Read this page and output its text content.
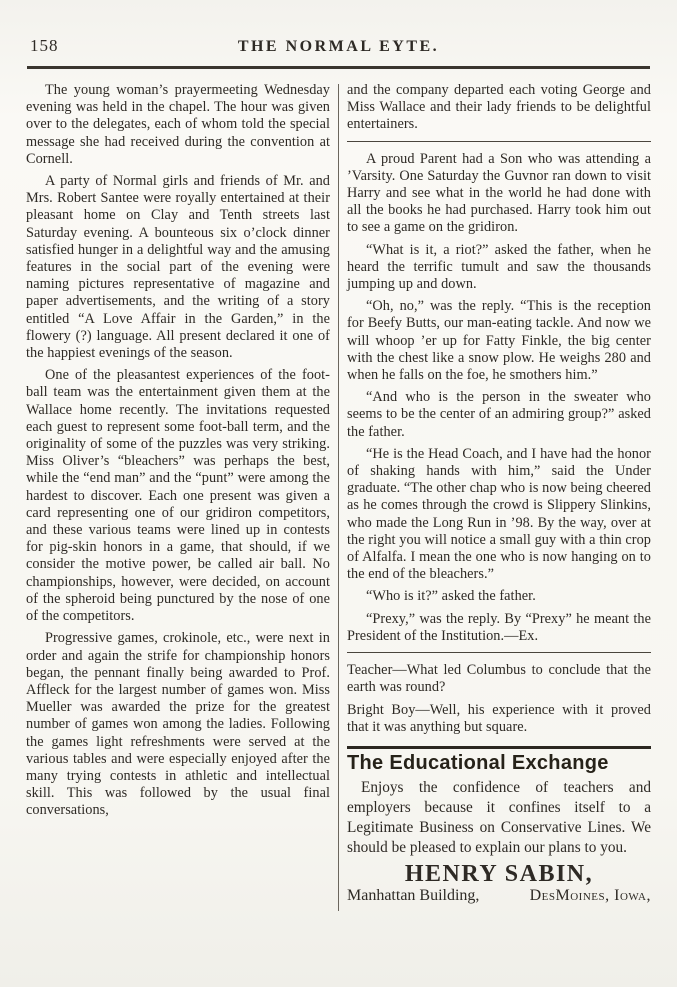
158	THE NORMAL EYTE.

The young woman’s prayermeeting Wednesday evening was held in the chapel. The hour was given over to the delegates, each of whom told the special message she had received during the convention at Cornell.

A party of Normal girls and friends of Mr. and Mrs. Robert Santee were royally entertained at their pleasant home on Clay and Tenth streets last Saturday evening. A bounteous six o’clock dinner satisfied hunger in a delightful way and the amusing features in the social part of the evening were naming pictures representative of magazine and paper advertisements, and the writing of a story entitled “A Love Affair in the Garden,” in the flowery (?) language. All present declared it one of the happiest evenings of the season.

One of the pleasantest experiences of the foot-ball team was the entertainment given them at the Wallace home recently. The invitations requested each guest to represent some foot-ball term, and the originality of some of the puzzles was very striking. Miss Oliver’s “bleachers” was perhaps the best, while the “end man” and the “punt” were among the hardest to discover. Each one present was given a card representing one of our gridiron competitors, and these various teams were lined up in contests for pig-skin honors in a game, that should, if we consider the motive power, be called air ball. No championships, however, were decided, on account of the spheroid being punctured by the nose of one of the competitors.

Progressive games, crokinole, etc., were next in order and again the strife for championship honors began, the pennant finally being awarded to Prof. Affleck for the largest number of games won. Miss Mueller was awarded the prize for the greatest number of games won among the ladies. Following the games light refreshments were served at the various tables and were especially enjoyed after the many trying contests in athletic and intellectual skill. This was followed by the usual final conversations,

and the company departed each voting George and Miss Wallace and their lady friends to be delightful entertainers.

A proud Parent had a Son who was attending a ’Varsity. One Saturday the Guvnor ran down to visit Harry and see what in the world he had done with all the books he had purchased. Harry took him out to see a game on the gridiron.

“What is it, a riot?” asked the father, when he heard the terrific tumult and saw the thousands jumping up and down.

“Oh, no,” was the reply. “This is the reception for Beefy Butts, our man-eating tackle. And now we will whoop ’er up for Fatty Finkle, the big center with the chest like a snow plow. He weighs 280 and when he falls on the foe, he smothers him.”

“And who is the person in the sweater who seems to be the center of an admiring group?” asked the father.

“He is the Head Coach, and I have had the honor of shaking hands with him,” said the Under graduate. “The other chap who is now being cheered as he comes through the crowd is Slippery Slinkins, who made the Long Run in ’98. By the way, over at the right you will notice a small guy with a thin crop of Alfalfa. I mean the one who is now hanging on to the end of the bleachers.”

“Who is it?” asked the father.

“Prexy,” was the reply. By “Prexy” he meant the President of the Institution.—Ex.

Teacher—What led Columbus to conclude that the earth was round?

Bright Boy—Well, his experience with it proved that it was anything but square.

The Educational Exchange

Enjoys the confidence of teachers and employers because it confines itself to a Legitimate Business on Conservative Lines. We should be pleased to explain our plans to you.

HENRY SABIN,
Manhattan Building,	DesMoines, Iowa,
